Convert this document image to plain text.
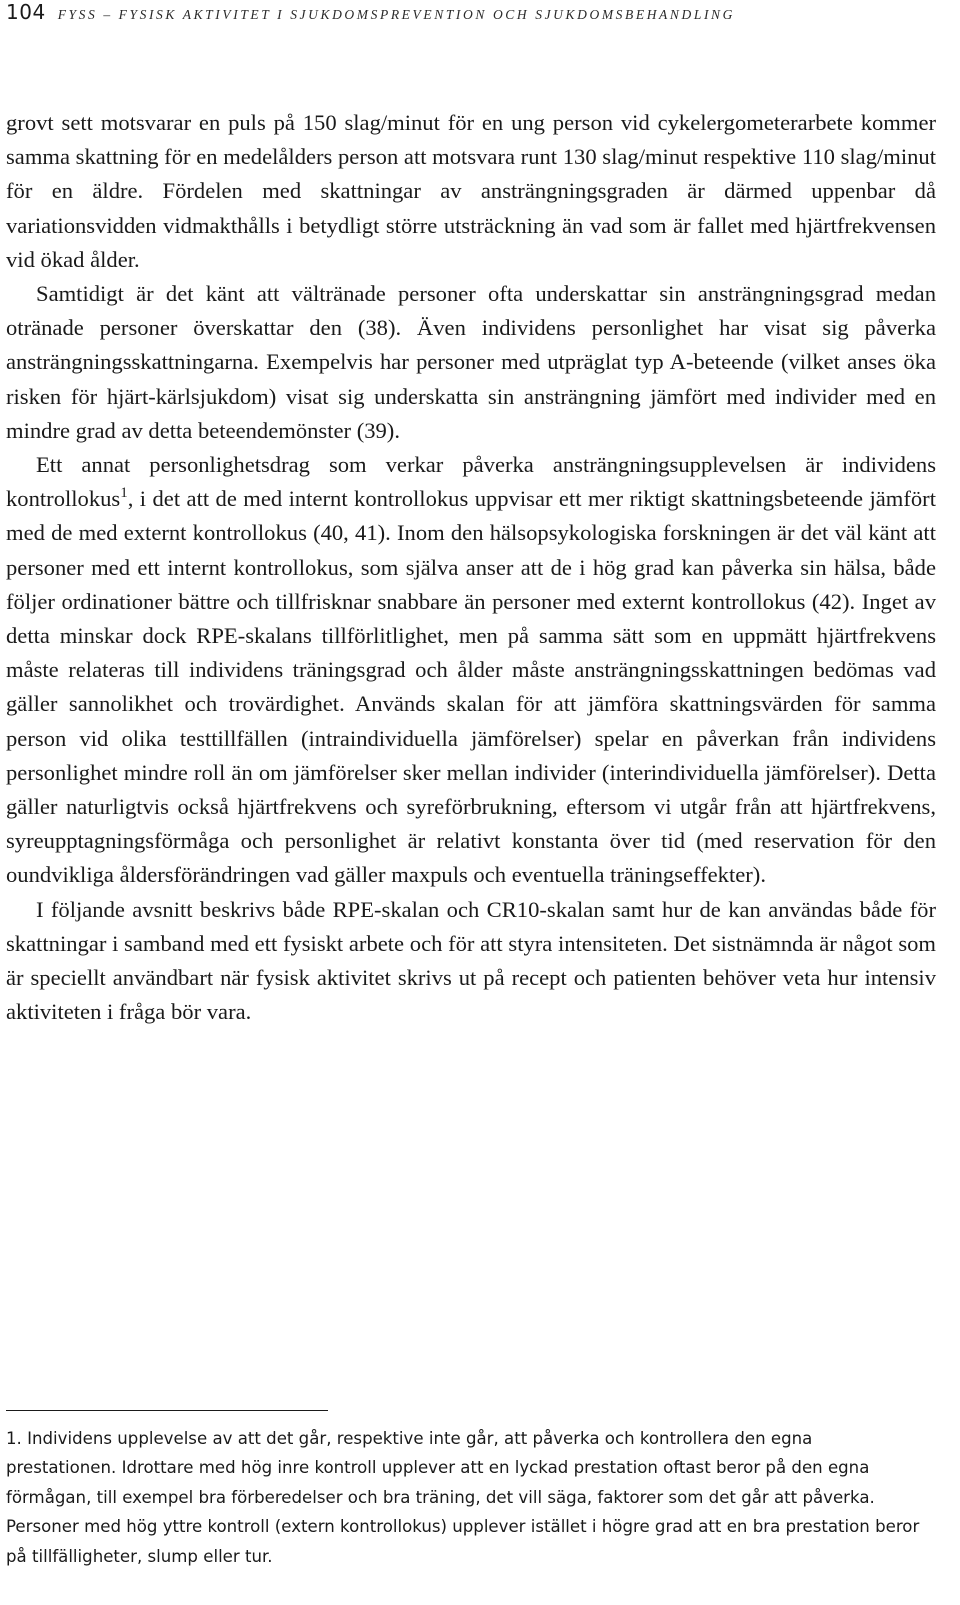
104 FYSS – FYSISK AKTIVITET I SJUKDOMSPREVENTION OCH SJUKDOMSBEHANDLING

grovt sett motsvarar en puls på 150 slag/minut för en ung person vid cykelergometerarbete kommer samma skattning för en medelålders person att motsvara runt 130 slag/minut respektive 110 slag/minut för en äldre. Fördelen med skattningar av ansträngningsgraden är därmed uppenbar då variationsvidden vidmakthålls i betydligt större utsträckning än vad som är fallet med hjärtfrekvensen vid ökad ålder.

Samtidigt är det känt att vältränade personer ofta underskattar sin ansträngningsgrad medan otränade personer överskattar den (38). Även individens personlighet har visat sig påverka ansträngningsskattningarna. Exempelvis har personer med utpräglat typ A-beteende (vilket anses öka risken för hjärt-kärlsjukdom) visat sig underskatta sin ansträngning jämfört med individer med en mindre grad av detta beteendemönster (39).

Ett annat personlighetsdrag som verkar påverka ansträngningsupplevelsen är individens kontrollokus$^1$, i det att de med internt kontrollokus uppvisar ett mer riktigt skattningsbeteende jämfört med de med externt kontrollokus (40, 41). Inom den hälsopsykologiska forskningen är det väl känt att personer med ett internt kontrollokus, som själva anser att de i hög grad kan påverka sin hälsa, både följer ordinationer bättre och tillfrisknar snabbare än personer med externt kontrollokus (42). Inget av detta minskar dock RPE-skalans tillförlitlighet, men på samma sätt som en uppmätt hjärtfrekvens måste relateras till individens träningsgrad och ålder måste ansträngningsskattningen bedömas vad gäller sannolikhet och trovärdighet. Används skalan för att jämföra skattningsvärden för samma person vid olika testtillfällen (intraindividuella jämförelser) spelar en påverkan från individens personlighet mindre roll än om jämförelser sker mellan individer (interindividuella jämförelser). Detta gäller naturligtvis också hjärtfrekvens och syreförbrukning, eftersom vi utgår från att hjärtfrekvens, syreupptagningsförmåga och personlighet är relativt konstanta över tid (med reservation för den oundvikliga åldersförändringen vad gäller maxpuls och eventuella träningseffekter).

I följande avsnitt beskrivs både RPE-skalan och CR10-skalan samt hur de kan användas både för skattningar i samband med ett fysiskt arbete och för att styra intensiteten. Det sistnämnda är något som är speciellt användbart när fysisk aktivitet skrivs ut på recept och patienten behöver veta hur intensiv aktiviteten i fråga bör vara.

1. Individens upplevelse av att det går, respektive inte går, att påverka och kontrollera den egna prestationen. Idrottare med hög inre kontroll upplever att en lyckad prestation oftast beror på den egna förmågan, till exempel bra förberedelser och bra träning, det vill säga, faktorer som det går att påverka. Personer med hög yttre kontroll (extern kontrollokus) upplever istället i högre grad att en bra prestation beror på tillfälligheter, slump eller tur.
